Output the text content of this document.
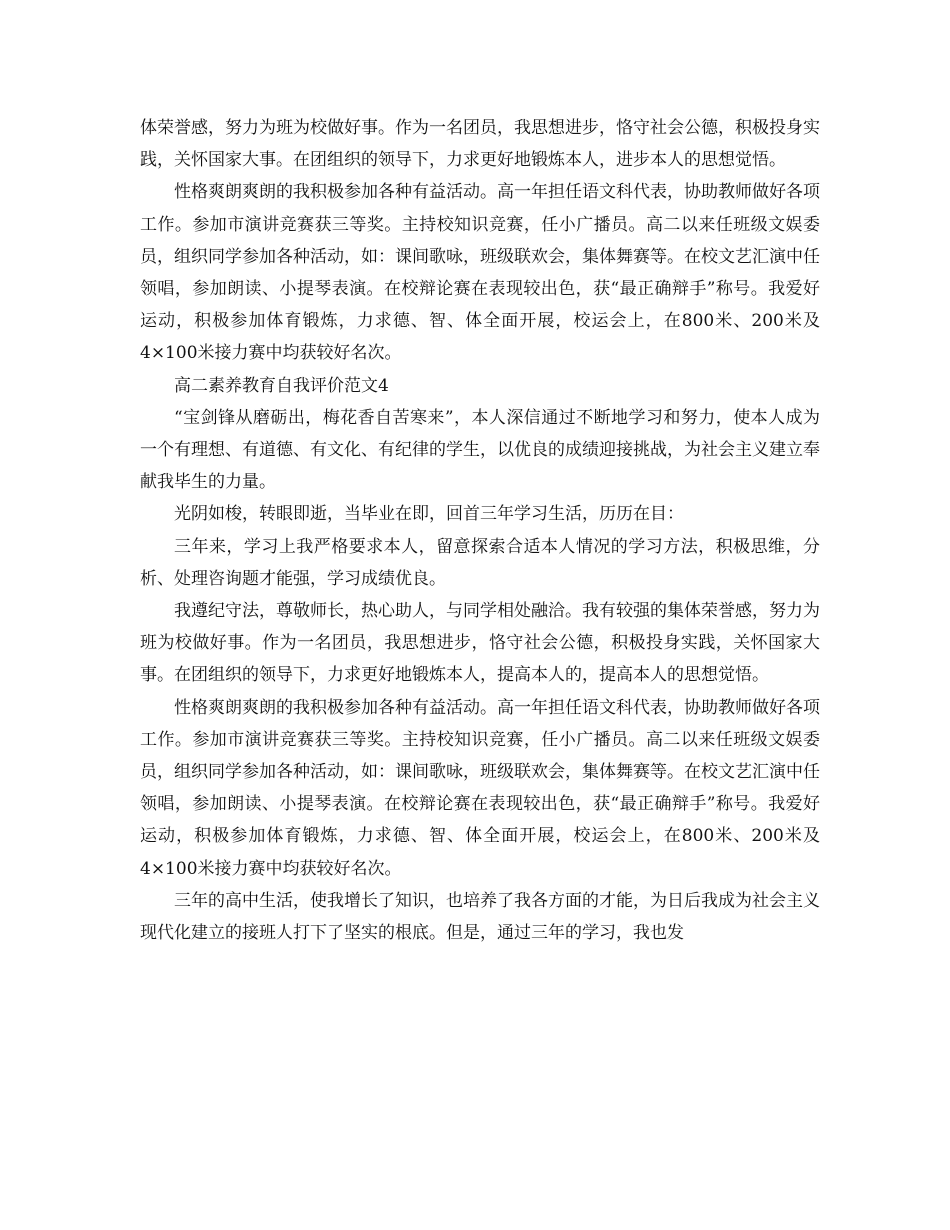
体荣誉感，努力为班为校做好事。作为一名团员，我思想进步，恪守社会公德，积极投身实践，关怀国家大事。在团组织的领导下，力求更好地锻炼本人，进步本人的思想觉悟。

性格爽朗爽朗的我积极参加各种有益活动。高一年担任语文科代表，协助教师做好各项工作。参加市演讲竞赛获三等奖。主持校知识竞赛，任小广播员。高二以来任班级文娱委员，组织同学参加各种活动，如：课间歌咏，班级联欢会，集体舞赛等。在校文艺汇演中任领唱，参加朗读、小提琴表演。在校辩论赛在表现较出色，获“最正确辩手”称号。我爱好运动，积极参加体育锻炼，力求德、智、体全面开展，校运会上，在800米、200米及4×100米接力赛中均获较好名次。

高二素养教育自我评价范文4

“宝剑锋从磨砺出，梅花香自苦寒来”，本人深信通过不断地学习和努力，使本人成为一个有理想、有道德、有文化、有纪律的学生，以优良的成绩迎接挑战，为社会主义建立奉献我毕生的力量。

光阴如梭，转眼即逝，当毕业在即，回首三年学习生活，历历在目：

三年来，学习上我严格要求本人，留意探索合适本人情况的学习方法，积极思维，分析、处理咨询题才能强，学习成绩优良。

我遵纪守法，尊敬师长，热心助人，与同学相处融洽。我有较强的集体荣誉感，努力为班为校做好事。作为一名团员，我思想进步，恪守社会公德，积极投身实践，关怀国家大事。在团组织的领导下，力求更好地锻炼本人，提高本人的，提高本人的思想觉悟。

性格爽朗爽朗的我积极参加各种有益活动。高一年担任语文科代表，协助教师做好各项工作。参加市演讲竞赛获三等奖。主持校知识竞赛，任小广播员。高二以来任班级文娱委员，组织同学参加各种活动，如：课间歌咏，班级联欢会，集体舞赛等。在校文艺汇演中任领唱，参加朗读、小提琴表演。在校辩论赛在表现较出色，获“最正确辩手”称号。我爱好运动，积极参加体育锻炼，力求德、智、体全面开展，校运会上，在800米、200米及4×100米接力赛中均获较好名次。

三年的高中生活，使我增长了知识，也培养了我各方面的才能，为日后我成为社会主义现代化建立的接班人打下了坚实的根底。但是，通过三年的学习，我也发
